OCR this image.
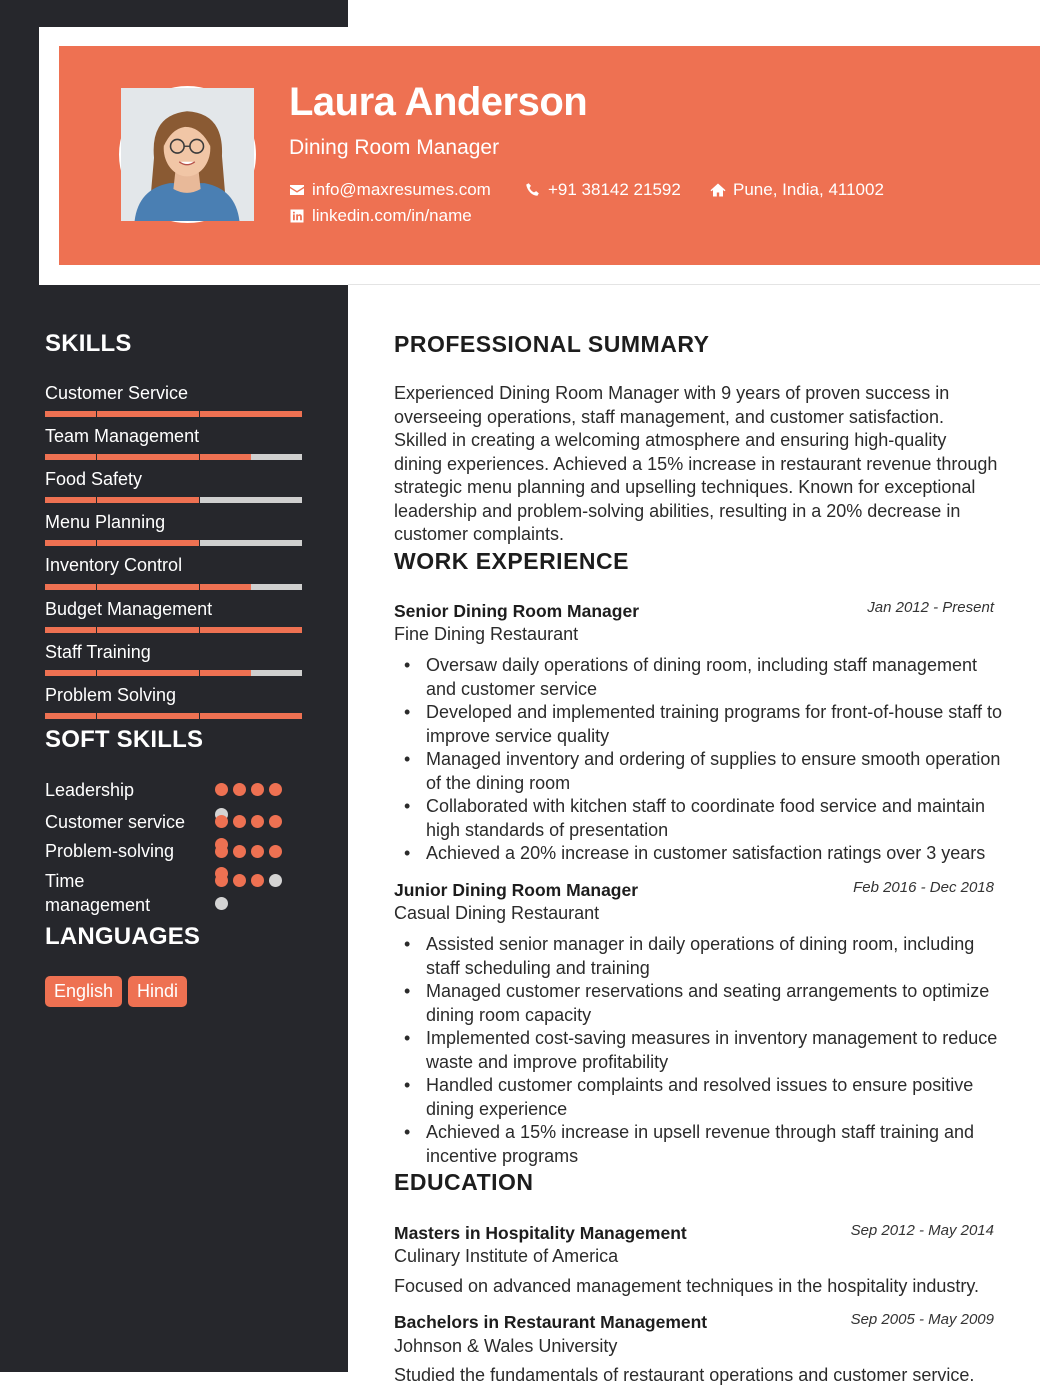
Laura Anderson
Dining Room Manager
info@maxresumes.com	+91 38142 21592	Pune, India, 411002
linkedin.com/in/name
SKILLS
Customer Service
Team Management
Food Safety
Menu Planning
Inventory Control
Budget Management
Staff Training
Problem Solving
SOFT SKILLS
Leadership
Customer service
Problem-solving
Time management
LANGUAGES
English	Hindi
PROFESSIONAL SUMMARY
Experienced Dining Room Manager with 9 years of proven success in overseeing operations, staff management, and customer satisfaction. Skilled in creating a welcoming atmosphere and ensuring high-quality dining experiences. Achieved a 15% increase in restaurant revenue through strategic menu planning and upselling techniques. Known for exceptional leadership and problem-solving abilities, resulting in a 20% decrease in customer complaints.
WORK EXPERIENCE
Senior Dining Room Manager	Jan 2012 - Present
Fine Dining Restaurant
• Oversaw daily operations of dining room, including staff management and customer service
• Developed and implemented training programs for front-of-house staff to improve service quality
• Managed inventory and ordering of supplies to ensure smooth operation of the dining room
• Collaborated with kitchen staff to coordinate food service and maintain high standards of presentation
• Achieved a 20% increase in customer satisfaction ratings over 3 years
Junior Dining Room Manager	Feb 2016 - Dec 2018
Casual Dining Restaurant
• Assisted senior manager in daily operations of dining room, including staff scheduling and training
• Managed customer reservations and seating arrangements to optimize dining room capacity
• Implemented cost-saving measures in inventory management to reduce waste and improve profitability
• Handled customer complaints and resolved issues to ensure positive dining experience
• Achieved a 15% increase in upsell revenue through staff training and incentive programs
EDUCATION
Masters in Hospitality Management	Sep 2012 - May 2014
Culinary Institute of America
Focused on advanced management techniques in the hospitality industry.
Bachelors in Restaurant Management	Sep 2005 - May 2009
Johnson & Wales University
Studied the fundamentals of restaurant operations and customer service.
